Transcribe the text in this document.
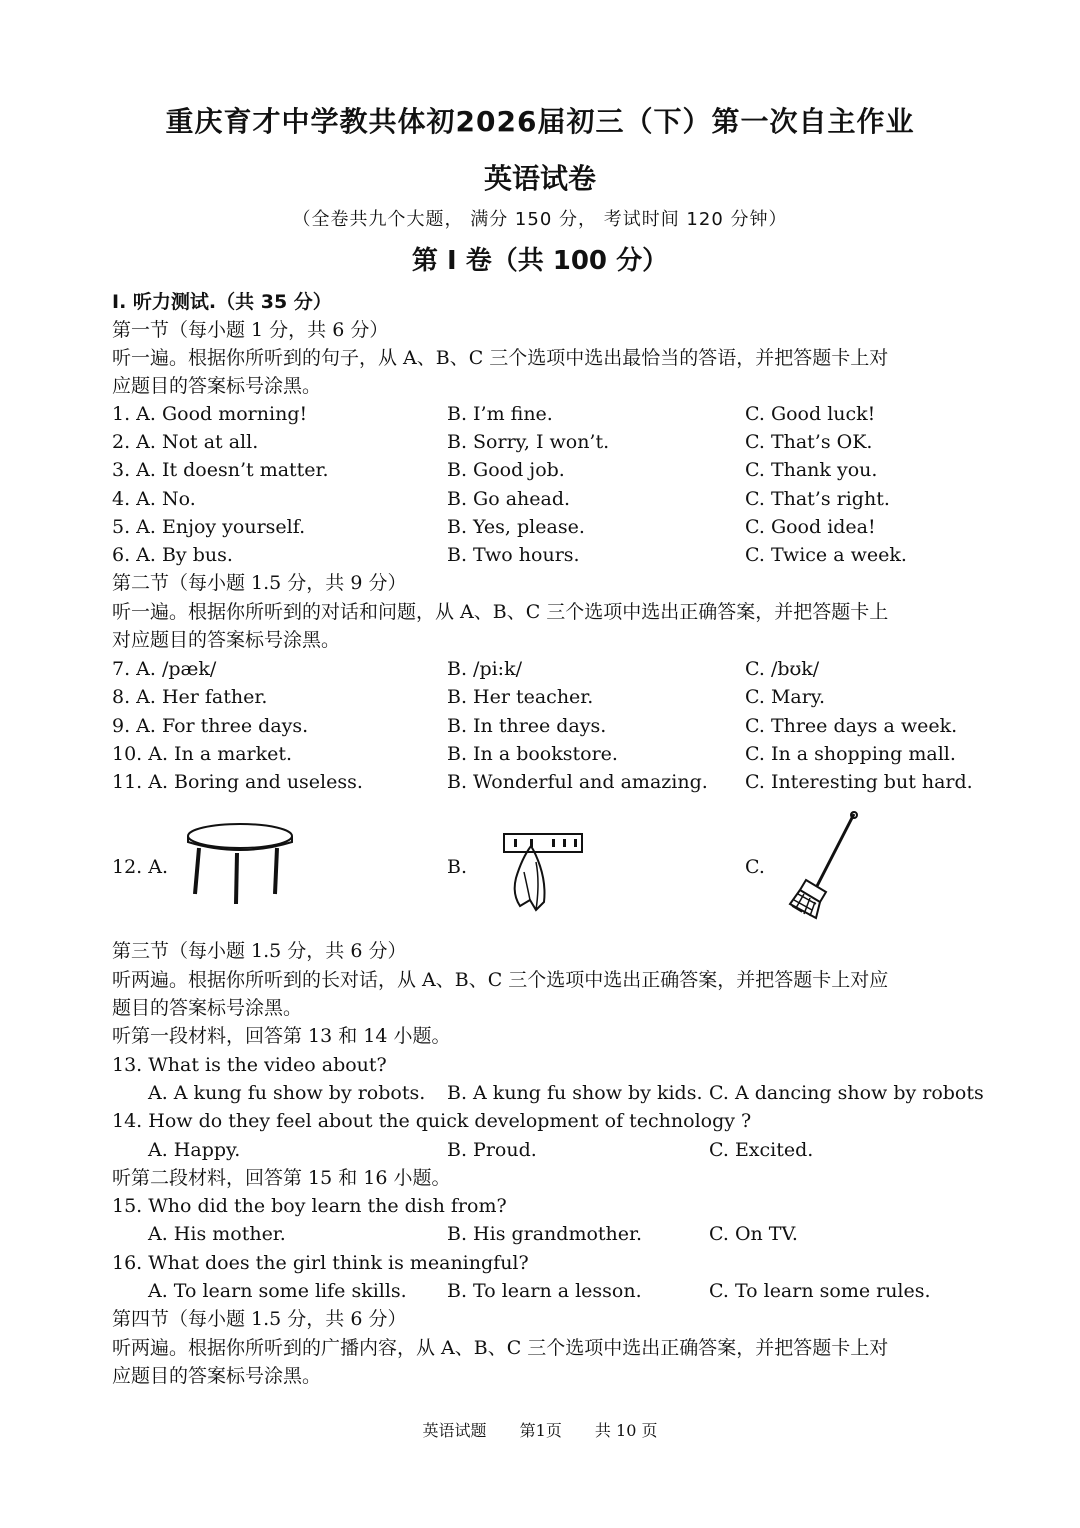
重庆育才中学教共体初2026届初三（下）第一次自主作业
英语试卷
（全卷共九个大题， 满分 150 分， 考试时间 120 分钟）
第 I 卷（共 100 分）
I. 听力测试.（共 35 分）
第一节（每小题 1 分，共 6 分）
听一遍。根据你所听到的句子，从 A、B、C 三个选项中选出最恰当的答语，并把答题卡上对
应题目的答案标号涂黑。
1. A. Good morning!	B. I’m fine.	C. Good luck!
2. A. Not at all.	B. Sorry, I won’t.	C. That’s OK.
3. A. It doesn’t matter.	B. Good job.	C. Thank you.
4. A. No.	B. Go ahead.	C. That’s right.
5. A. Enjoy yourself.	B. Yes, please.	C. Good idea!
6. A. By bus.	B. Two hours.	C. Twice a week.
第二节（每小题 1.5 分，共 9 分）
听一遍。根据你所听到的对话和问题，从 A、B、C 三个选项中选出正确答案，并把答题卡上
对应题目的答案标号涂黑。
7. A. /pæk/	B. /pi:k/	C. /bʊk/
8. A. Her father.	B. Her teacher.	C. Mary.
9. A. For three days.	B. In three days.	C. Three days a week.
10. A. In a market.	B. In a bookstore.	C. In a shopping mall.
11. A. Boring and useless.	B. Wonderful and amazing. C. Interesting but hard.
12. A.	B.	C.
第三节（每小题 1.5 分，共 6 分）
听两遍。根据你所听到的长对话，从 A、B、C 三个选项中选出正确答案，并把答题卡上对应
题目的答案标号涂黑。
听第一段材料，回答第 13 和 14 小题。
13. What is the video about?
A. A kung fu show by robots. B. A kung fu show by kids. C. A dancing show by robots
14. How do they feel about the quick development of technology ?
A. Happy.	B. Proud.	C. Excited.
听第二段材料，回答第 15 和 16 小题。
15. Who did the boy learn the dish from?
A. His mother.	B. His grandmother.	C. On TV.
16. What does the girl think is meaningful?
A. To learn some life skills. B. To learn a lesson.	C. To learn some rules.
第四节（每小题 1.5 分，共 6 分）
听两遍。根据你所听到的广播内容，从 A、B、C 三个选项中选出正确答案，并把答题卡上对
应题目的答案标号涂黑。
英语试题 第1页 共 10 页
